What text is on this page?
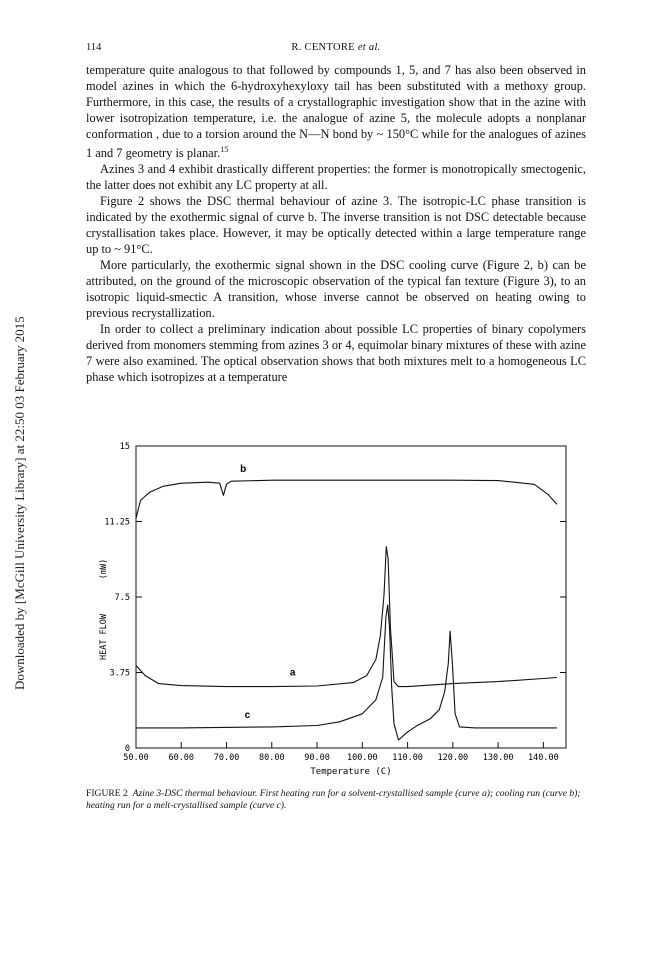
Downloaded by [McGill University Library] at 22:50 03 February 2015
114	R. CENTORE et al.

temperature quite analogous to that followed by compounds 1, 5, and 7 has also been observed in model azines in which the 6-hydroxyhexyloxy tail has been substituted with a methoxy group. Furthermore, in this case, the results of a crystallographic investigation show that in the azine with lower isotropization temperature, i.e. the analogue of azine 5, the molecule adopts a nonplanar conformation , due to a torsion around the N—N bond by ~ 150°C while for the analogues of azines 1 and 7 geometry is planar.$^{15}$

Azines 3 and 4 exhibit drastically different properties: the former is monotropically smectogenic, the latter does not exhibit any LC property at all.

Figure 2 shows the DSC thermal behaviour of azine 3. The isotropic-LC phase transition is indicated by the exothermic signal of curve b. The inverse transition is not DSC detectable because crystallisation takes place. However, it may be optically detected within a large temperature range up to ~ 91°C.

More particularly, the exothermic signal shown in the DSC cooling curve (Figure 2, b) can be attributed, on the ground of the microscopic observation of the typical fan texture (Figure 3), to an isotropic liquid-smectic A transition, whose inverse cannot be observed on heating owing to previous recrystallization.

In order to collect a preliminary indication about possible LC properties of binary copolymers derived from monomers stemming from azines 3 or 4, equimolar binary mixtures of these with azine 7 were also examined. The optical observation shows that both mixtures melt to a homogeneous LC phase which isotropizes at a temperature

50.00 60.00 70.00 80.00 90.00 100.00 110.00 120.00 130.00 140.00
0
3.75
7.5
11.25
15
a
b
c
Temperature (C)
HEAT FLOW
(mW)
FIGURE 2 Azine 3-DSC thermal behaviour. First heating run for a solvent-crystallised sample (curve a); cooling run (curve b); heating run for a melt-crystallised sample (curve c).
